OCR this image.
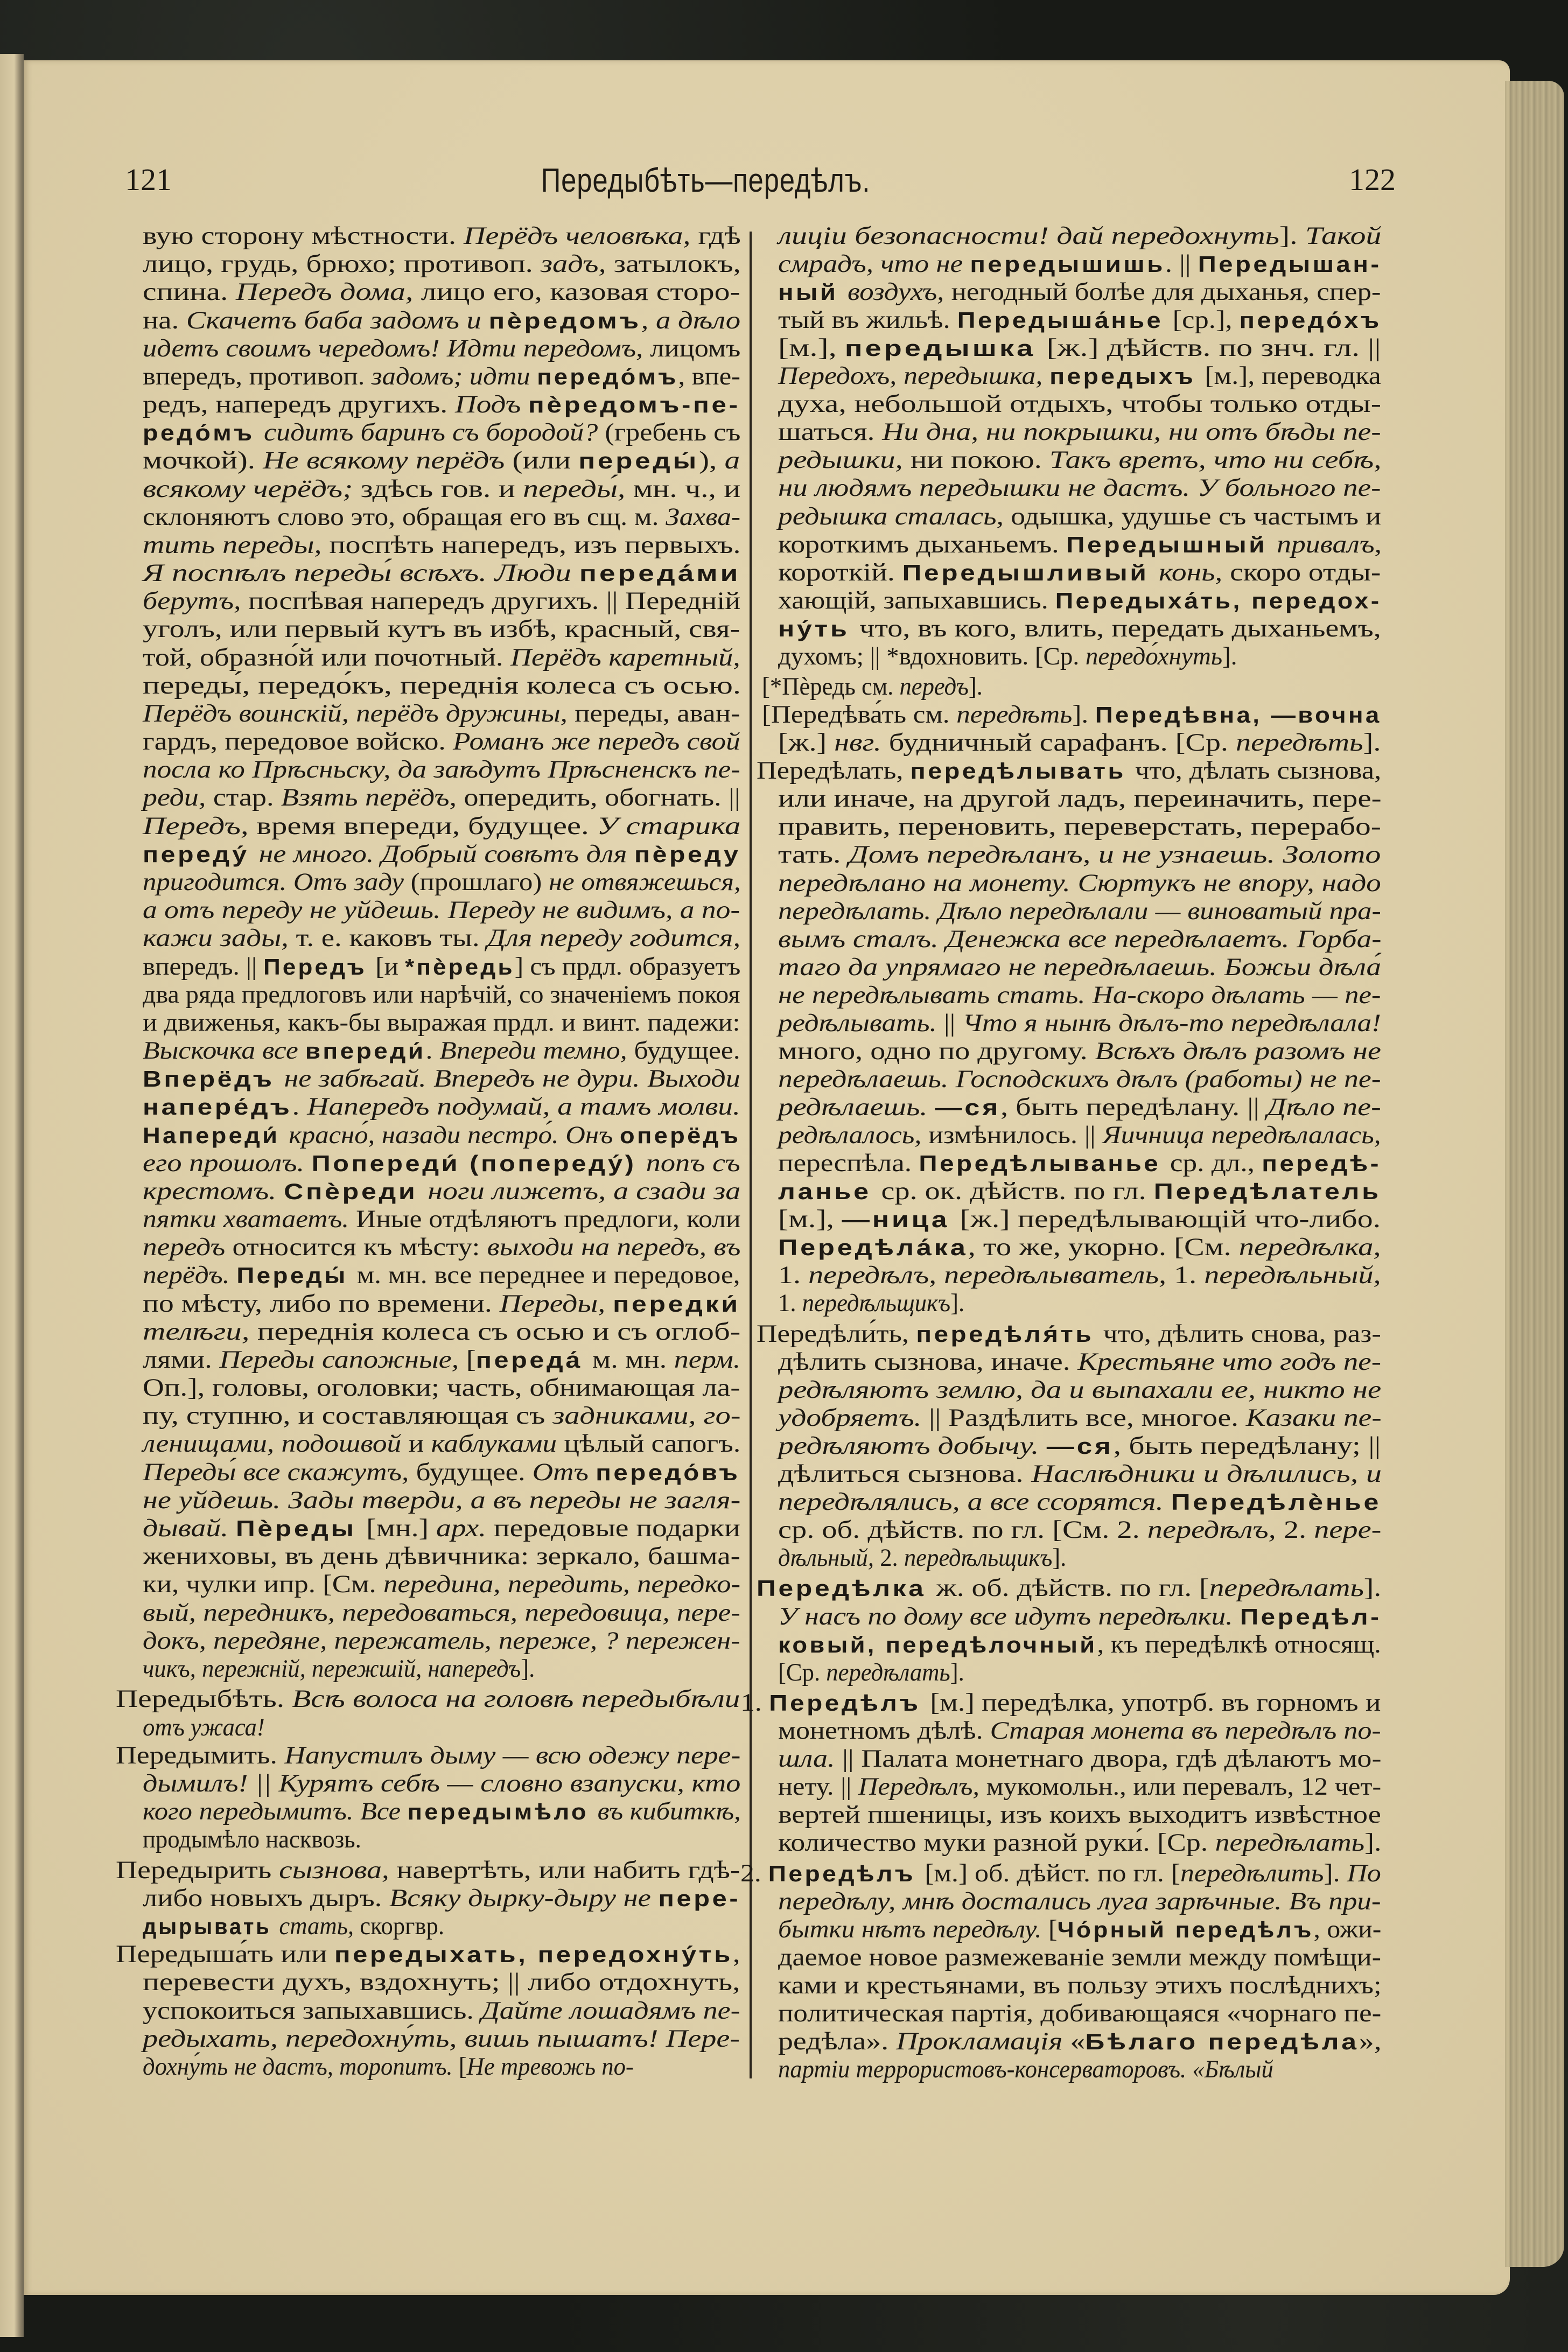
121	Передыбѣть—передѣлъ.	122
вую сторону мѣстности. Перёдъ человѣка, гдѣ
лицо, грудь, брюхо; противоп. задъ, затылокъ,
спина. Передъ дома, лицо его, казовая сторо-
на. Скачетъ баба задомъ и пѐредомъ, а дѣло
идетъ своимъ чередомъ! Идти передомъ, лицомъ
впередъ, противоп. задомъ; идти передо́мъ, впе-
редъ, напередъ другихъ. Подъ пѐредомъ-пе-
редо́мъ сидитъ баринъ съ бородой? (гребень съ
мочкой). Не всякому перёдъ (или переды́), а
всякому черёдъ; здѣсь гов. и переды́, мн. ч., и
склоняютъ слово это, обращая его въ сщ. м. Захва-
тить переды, поспѣть напередъ, изъ первыхъ.
Я поспѣлъ переды́ всѣхъ. Люди переда́ми
берутъ, поспѣвая напередъ другихъ. || Передній
уголъ, или первый кутъ въ избѣ, красный, свя-
той, образно́й или почотный. Перёдъ каретный,
переды́, передо́къ, переднія колеса съ осью.
Перёдъ воинскій, перёдъ дружины, переды, аван-
гардъ, передовое войско. Романъ же передъ свой
посла ко Прѣсньску, да заѣдутъ Прѣсненскъ пе-
реди, стар. Взять перёдъ, опередить, обогнать. ||
Передъ, время впереди, будущее. У старика
переду́ не много. Добрый совѣтъ для пѐреду
пригодится. Отъ заду (прошлаго) не отвяжешься,
а отъ переду не уйдешь. Переду не видимъ, а по-
кажи зады, т. е. каковъ ты. Для переду годится,
впередъ. || Передъ [и *пѐредь] съ прдл. образуетъ
два ряда предлоговъ или нарѣчій, со значеніемъ покоя
и движенья, какъ-бы выражая прдл. и винт. падежи:
Выскочка все впереди́. Впереди темно, будущее.
Вперёдъ не забѣгай. Впередъ не дури. Выходи
напере́дъ. Напередъ подумай, а тамъ молви.
Напереди́ красно́, назади пестро́. Онъ оперёдъ
его прошолъ. Попереди́ (попереду́) попъ съ
крестомъ. Спѐреди ноги лижетъ, а сзади за
пятки хватаетъ. Иные отдѣляютъ предлоги, коли
передъ относится къ мѣсту: выходи на передъ, въ
перёдъ. Переды́ м. мн. все переднее и передовое,
по мѣсту, либо по времени. Переды, передки́
телѣги, переднія колеса съ осью и съ оглоб-
лями. Переды сапожные, [переда́ м. мн. перм.
Оп.], головы, оголовки; часть, обнимающая ла-
пу, ступню, и составляющая съ задниками, го-
ленищами, подошвой и каблуками цѣлый сапогъ.
Переды́ все скажутъ, будущее. Отъ передо́въ
не уйдешь. Зады тверди, а въ переды не загля-
дывай. Пѐреды [мн.] арх. передовые подарки
жениховы, въ день дѣвичника: зеркало, башма-
ки, чулки ипр. [См. передина, передить, передко-
вый, передникъ, передоваться, передовица, пере-
докъ, передяне, пережатель, пережe, ? пережен-
чикъ, пережній, пережшій, напередъ].
Передыбѣть. Всѣ волоса на головѣ передыбѣли
отъ ужаса!
Передымить. Напустилъ дыму — всю одежу пере-
дымилъ! || Курятъ себѣ — словно взапуски, кто
кого передымитъ. Все передымѣло въ кибиткѣ,
продымѣло насквозь.
Передырить сызнова, навертѣть, или набить гдѣ-
либо новыхъ дыръ. Всяку дырку-дыру не пере-
дырывать стать, скоргвр.
Передыша́ть или передыхать, передохну́ть,
перевести духъ, вздохнуть; || либо отдохнуть,
успокоиться запыхавшись. Дайте лошадямъ пе-
редыхать, передохну́ть, вишь пышатъ! Пере-
дохну́ть не дастъ, торопитъ. [Не тревожь по-
лиціи безопасности! дай передохнуть]. Такой
смрадъ, что не передышишь. || Передышан-
ный воздухъ, негодный болѣе для дыханья, спер-
тый въ жильѣ. Передыша́нье [ср.], передо́хъ
[м.], передышка [ж.] дѣйств. по знч. гл. ||
Передохъ, передышка, передыхъ [м.], переводка
духа, небольшой отдыхъ, чтобы только отды-
шаться. Ни дна, ни покрышки, ни отъ бѣды пе-
редышки, ни покою. Такъ вретъ, что ни себѣ,
ни людямъ передышки не дастъ. У больного пе-
редышка сталась, одышка, удушье съ частымъ и
короткимъ дыханьемъ. Передышный привалъ,
короткій. Передышливый конь, скоро отды-
хающій, запыхавшись. Передыха́ть, передох-
ну́ть что, въ кого, влить, передать дыханьемъ,
духомъ; || *вдохновить. [Ср. передо́хнуть].
[*Пѐредь см. передъ].
[Передѣва́ть см. передѣть]. Передѣвна, —вочна
[ж.] нвг. будничный сарафанъ. [Ср. передѣть].
Передѣлать, передѣлывать что, дѣлать сызнова,
или иначе, на другой ладъ, переиначить, пере-
править, переновить, переверстать, перерабо-
тать. Домъ передѣланъ, и не узнаешь. Золото
передѣлано на монету. Сюртукъ не впору, надо
передѣлать. Дѣло передѣлали — виноватый пра-
вымъ сталъ. Денежка все передѣлаетъ. Горба-
таго да упрямаго не передѣлаешь. Божьи дѣла́
не передѣлывать стать. На-скоро дѣлать — пе-
редѣлывать. || Что я нынѣ дѣлъ-то передѣлала!
много, одно по другому. Всѣхъ дѣлъ разомъ не
передѣлаешь. Господскихъ дѣлъ (работы) не пе-
редѣлаешь. —ся, быть передѣлану. || Дѣло пе-
редѣлалось, измѣнилось. || Яичница передѣлалась,
переспѣла. Передѣлыванье ср. дл., передѣ-
ланье ср. ок. дѣйств. по гл. Передѣлатель
[м.], —ница [ж.] передѣлывающій что-либо.
Передѣла́ка, то же, укорно. [См. передѣлка,
1. передѣлъ, передѣлыватель, 1. передѣльный,
1. передѣльщикъ].
Передѣли́ть, передѣля́ть что, дѣлить снова, раз-
дѣлить сызнова, иначе. Крестьяне что годъ пе-
редѣляютъ землю, да и выпахали ее, никто не
удобряетъ. || Раздѣлить все, многое. Казаки пе-
редѣляютъ добычу. —ся, быть передѣлану; ||
дѣлиться сызнова. Наслѣдники и дѣлились, и
передѣлялись, а все ссорятся. Передѣлѐнье
ср. об. дѣйств. по гл. [См. 2. передѣлъ, 2. пере-
дѣльный, 2. передѣльщикъ].
Передѣлка ж. об. дѣйств. по гл. [передѣлать].
У насъ по дому все идутъ передѣлки. Передѣл-
ковый, передѣлочный, къ передѣлкѣ относящ.
[Ср. передѣлать].
1. Передѣлъ [м.] передѣлка, употрб. въ горномъ и
монетномъ дѣлѣ. Старая монета въ передѣлъ по-
шла. || Палата монетнаго двора, гдѣ дѣлаютъ мо-
нету. || Передѣлъ, мукомольн., или перевалъ, 12 чет-
вертей пшеницы, изъ коихъ выходитъ извѣстное
количество муки разной руки́. [Ср. передѣлать].
2. Передѣлъ [м.] об. дѣйст. по гл. [передѣлить]. По
передѣлу, мнѣ достались луга зарѣчные. Въ при-
бытки нѣтъ передѣлу. [Чо́рный передѣлъ, ожи-
даемое новое размежеваніе земли между помѣщи-
ками и крестьянами, въ пользу этихъ послѣднихъ;
политическая партія, добивающаяся «чорнаго пе-
редѣла». Прокламація «Бѣлаго передѣла»,
партіи террористовъ-консерваторовъ. «Бѣлый
